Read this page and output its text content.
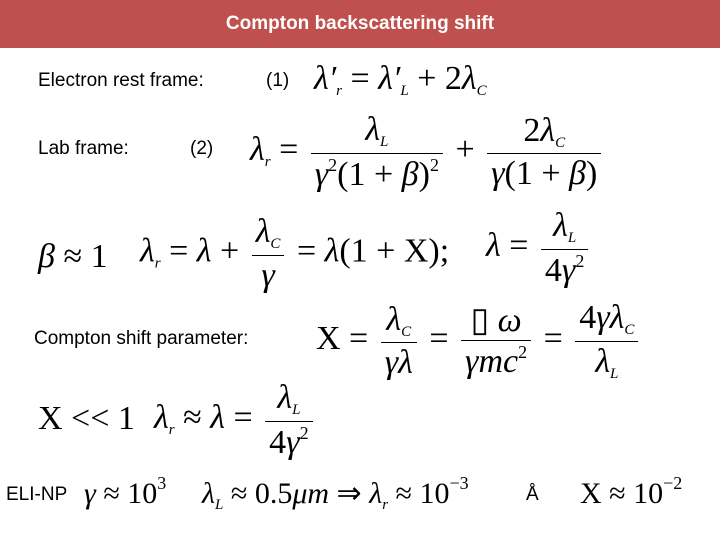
Compton backscattering shift
Electron rest frame:	(1) $\lambda'_r = \lambda'_L + 2\lambda_C$
Lab frame:	(2) $\lambda_r = \frac{\lambda_L}{\gamma^2(1 + \beta)^2} + \frac{2\lambda_C}{\gamma(1 + \beta)}$
β ≈ 1 $\lambda_r = \lambda + \frac{\lambda_C}{\gamma} = \lambda(1 + X)$; $\lambda = \frac{\lambda_L}{4\gamma^2}$
Compton shift parameter: $X = \frac{\lambda_C}{\gamma\lambda} = \frac{▯ \omega}{\gamma mc^2} = \frac{4\gamma\lambda_C}{\lambda_L}$
X << 1 $\lambda_r \approx \lambda = \frac{\lambda_L}{4\gamma^2}$
ELI-NP $\gamma \approx 10^3$ $\lambda_L \approx 0.5\mu m$ ⇒ $\lambda_r \approx 10^{-3}$
Å $X \approx 10^{-2}$
